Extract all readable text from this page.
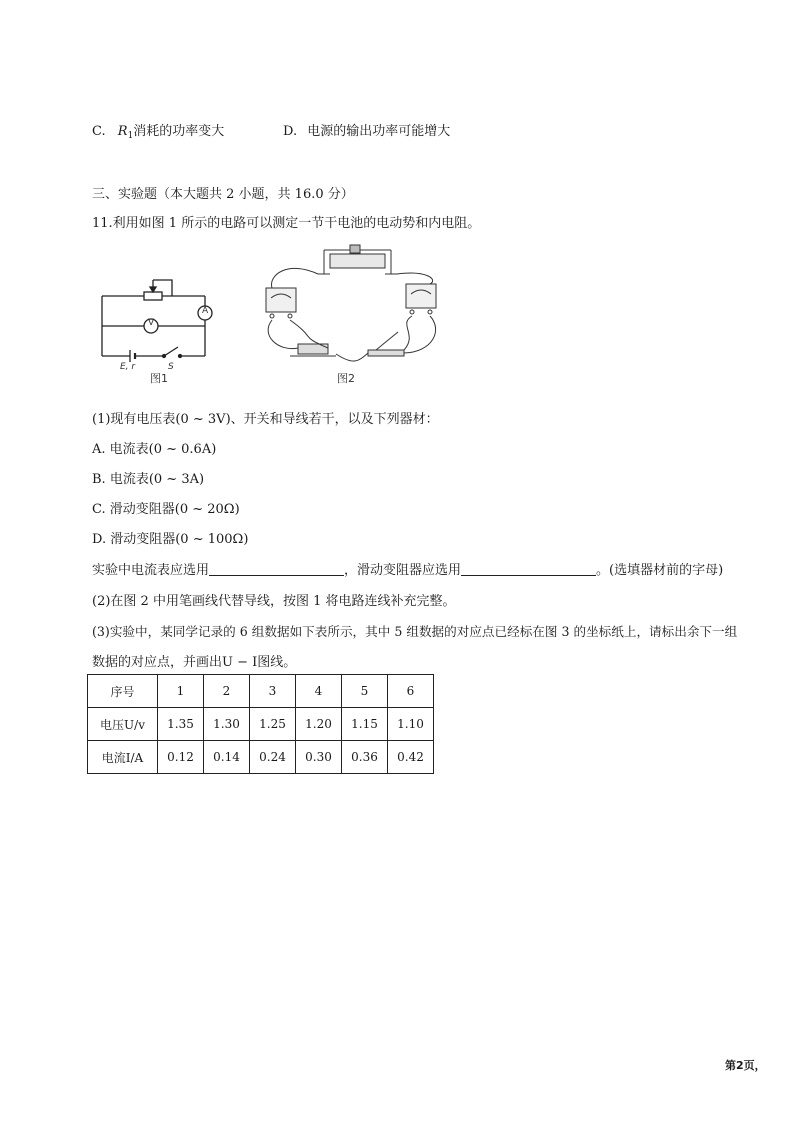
C. $R_1$消耗的功率变大	D. 电源的输出功率可能增大
三、实验题（本大题共 2 小题，共 16.0 分）
11.利用如图 1 所示的电路可以测定一节干电池的电动势和内电阻。
V
A
E, r	S
图1	图2
(1)现有电压表(0 ~ 3V)、开关和导线若干，以及下列器材：
A. 电流表(0 ~ 0.6A)
B. 电流表(0 ~ 3A)
C. 滑动变阻器(0 ~ 20Ω)
D. 滑动变阻器(0 ~ 100Ω)
实验中电流表应选用	，滑动变阻器应选用	。(选填器材前的字母)
(2)在图 2 中用笔画线代替导线，按图 1 将电路连线补充完整。
(3)实验中，某同学记录的 6 组数据如下表所示，其中 5 组数据的对应点已经标在图 3 的坐标纸上，请标出余下一组
数据的对应点，并画出U − I图线。
序号	1	2	3	4	5	6
电压U/v	1.35	1.30	1.25	1.20	1.15	1.10
电流I/A	0.12	0.14	0.24	0.30	0.36	0.42
第2页，
